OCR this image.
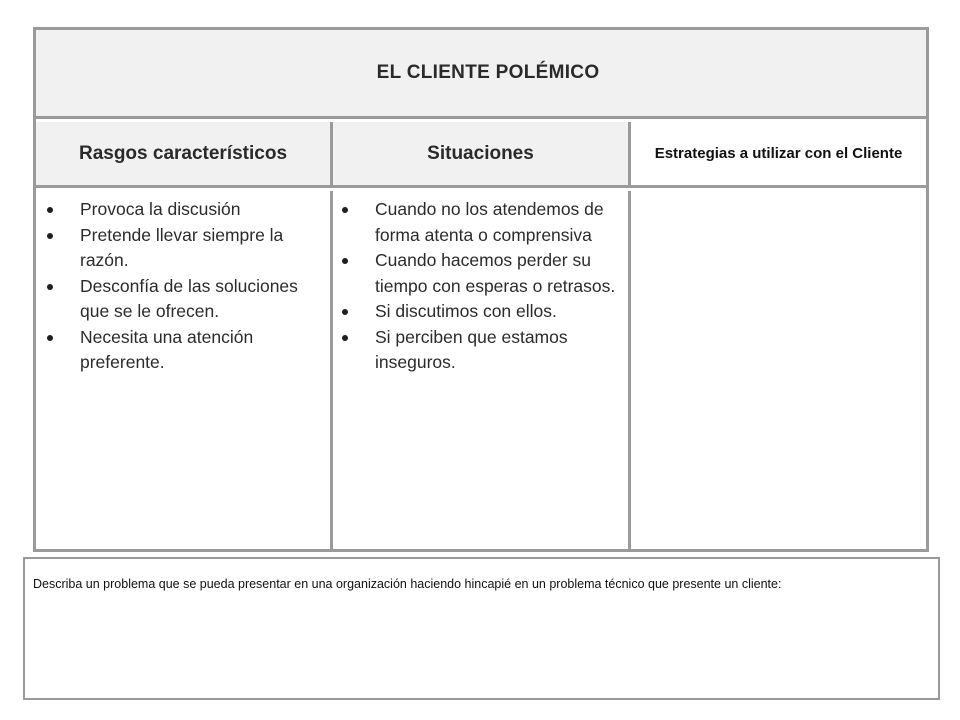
EL CLIENTE POLÉMICO
Rasgos característicos	Situaciones	Estrategias a utilizar con el Cliente
Provoca la discusión
Pretende llevar siempre la razón.
Desconfía de las soluciones que se le ofrecen.
Necesita una atención preferente.
Cuando no los atendemos de forma atenta o comprensiva
Cuando hacemos perder su tiempo con esperas o retrasos.
Si discutimos con ellos.
Si perciben que estamos inseguros.

Describa un problema que se pueda presentar en una organización haciendo hincapié en un problema técnico que presente un cliente:
